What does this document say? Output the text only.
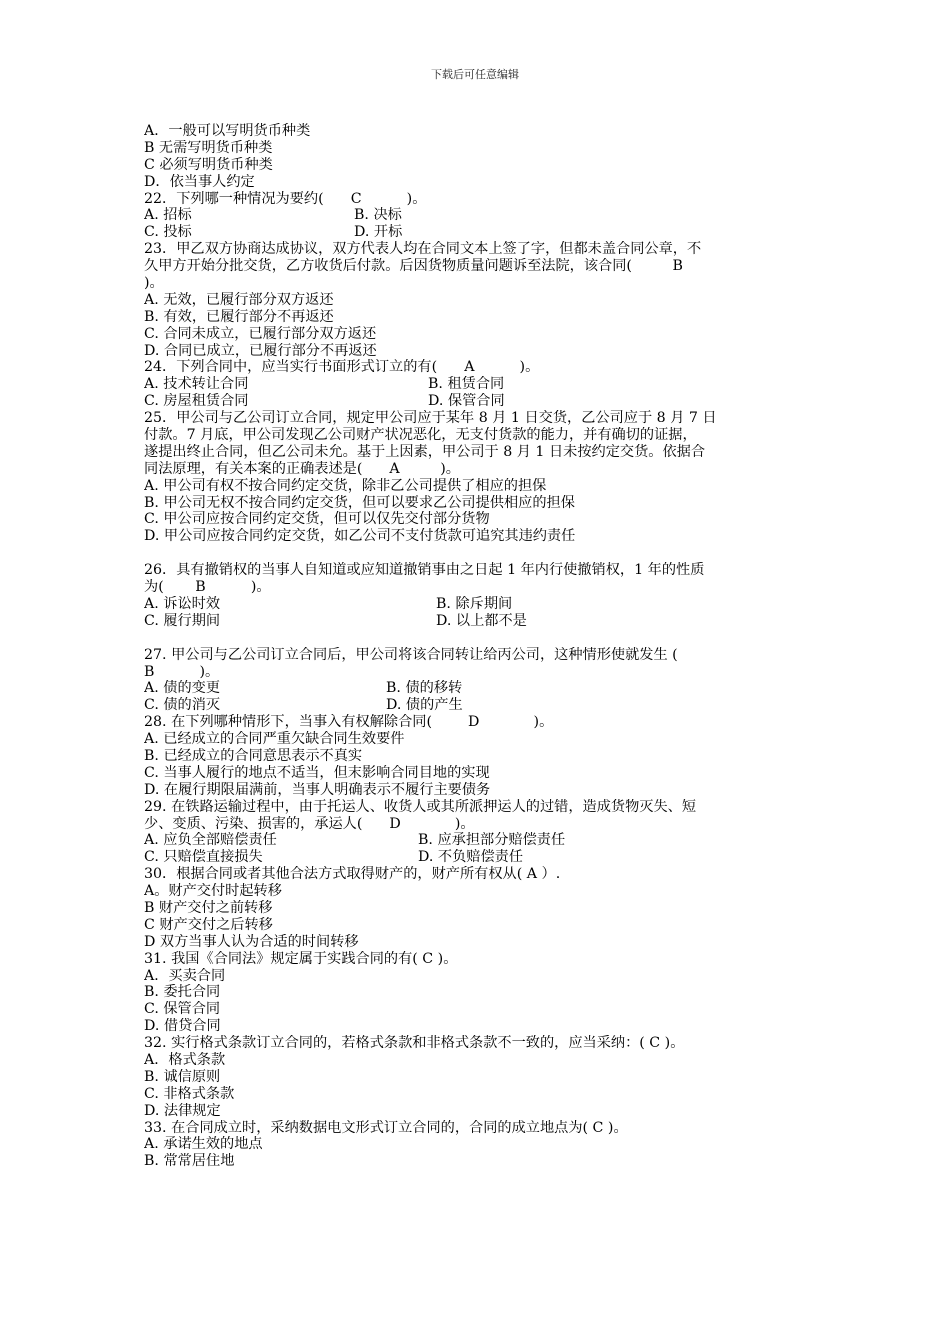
下载后可任意编辑
A．一般可以写明货币种类
B 无需写明货币种类
C 必须写明货币种类
D．依当事人约定
22．下列哪一种情况为要约(      C          )。
A. 招标	B. 决标
C. 投标	D. 开标
23．甲乙双方协商达成协议，双方代表人均在合同文本上签了字，但都未盖合同公章，不
久甲方开始分批交货，乙方收货后付款。后因货物质量问题诉至法院，该合同(         B
)。
A. 无效，已履行部分双方返还
B. 有效，已履行部分不再返还
C. 合同未成立，已履行部分双方返还
D. 合同已成立，已履行部分不再返还
24．下列合同中，应当实行书面形式订立的有(      A          )。
A. 技术转让合同	B. 租赁合同
C. 房屋租赁合同	D. 保管合同
25．甲公司与乙公司订立合同，规定甲公司应于某年 8 月 1 日交货，乙公司应于 8 月 7 日
付款。7 月底，甲公司发现乙公司财产状况恶化，无支付货款的能力，并有确切的证据，
遂提出终止合同，但乙公司未允。基于上因素，甲公司于 8 月 1 日未按约定交货。依据合
同法原理，有关本案的正确表述是(      A         )。
A. 甲公司有权不按合同约定交货，除非乙公司提供了相应的担保
B. 甲公司无权不按合同约定交货，但可以要求乙公司提供相应的担保
C. 甲公司应按合同约定交货，但可以仅先交付部分货物
D. 甲公司应按合同约定交货，如乙公司不支付货款可追究其违约责任
26．具有撤销权的当事人自知道或应知道撤销事由之日起 1 年内行使撤销权，1 年的性质
为(       B          )。
A. 诉讼时效	B. 除斥期间
C. 履行期间	D. 以上都不是
27. 甲公司与乙公司订立合同后，甲公司将该合同转让给丙公司，这种情形使就发生 (
B          )。
A. 债的变更	B. 债的移转
C. 债的消灭	D. 债的产生
28. 在下列哪种情形下，当事入有权解除合同(        D            )。
A. 已经成立的合同严重欠缺合同生效要件
B. 已经成立的合同意思表示不真实
C. 当事人履行的地点不适当，但末影响合同目地的实现
D. 在履行期限届满前，当事人明确表示不履行主要债务
29. 在铁路运输过程中，由于托运人、收货人或其所派押运人的过错，造成货物灭失、短
少、变质、污染、损害的，承运人(      D            )。
A. 应负全部赔偿责任	B. 应承担部分赔偿责任
C. 只赔偿直接损失	D. 不负赔偿责任
30．根据合同或者其他合法方式取得财产的，财产所有权从( A ）.
A。财产交付时起转移
B 财产交付之前转移
C 财产交付之后转移
D 双方当事人认为合适的时间转移
31. 我国《合同法》规定属于实践合同的有( C )。
A．买卖合同
B. 委托合同
C. 保管合同
D. 借贷合同
32. 实行格式条款订立合同的，若格式条款和非格式条款不一致的，应当采纳：( C )。
A．格式条款
B. 诚信原则
C. 非格式条款
D. 法律规定
33. 在合同成立时，采纳数据电文形式订立合同的，合同的成立地点为( C )。
A. 承诺生效的地点
B. 常常居住地
